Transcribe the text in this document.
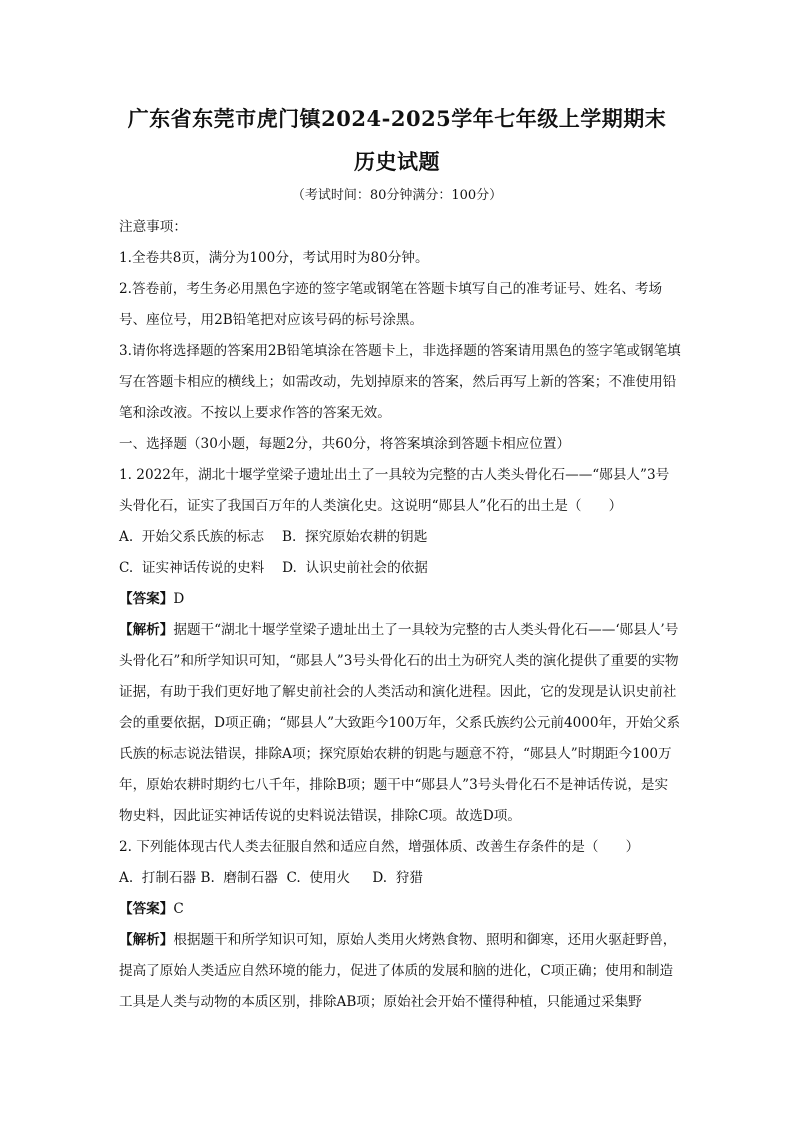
广东省东莞市虎门镇2024-2025学年七年级上学期期末
历史试题
（考试时间：80分钟满分：100分）

注意事项：

1.全卷共8页，满分为100分，考试用时为80分钟。

2.答卷前，考生务必用黑色字迹的签字笔或钢笔在答题卡填写自己的准考证号、姓名、考场号、座位号，用2B铅笔把对应该号码的标号涂黑。

3.请你将选择题的答案用2B铅笔填涂在答题卡上，非选择题的答案请用黑色的签字笔或钢笔填写在答题卡相应的横线上；如需改动，先划掉原来的答案，然后再写上新的答案；不准使用铅笔和涂改液。不按以上要求作答的答案无效。

一、选择题（30小题，每题2分，共60分，将答案填涂到答题卡相应位置）

1. 2022年，湖北十堰学堂梁子遗址出土了一具较为完整的古人类头骨化石——“郧县人”3号头骨化石，证实了我国百万年的人类演化史。这说明“郧县人”化石的出土是（　　）

A.  开始父系氏族的标志　 B.  探究原始农耕的钥匙

C.  证实神话传说的史料　 D.  认识史前社会的依据

【答案】D

【解析】据题干“湖北十堰学堂梁子遗址出土了一具较为完整的古人类头骨化石——‘郧县人’号头骨化石”和所学知识可知，“郧县人”3号头骨化石的出土为研究人类的演化提供了重要的实物证据，有助于我们更好地了解史前社会的人类活动和演化进程。因此，它的发现是认识史前社会的重要依据，D项正确；“郧县人”大致距今100万年，父系氏族约公元前4000年，开始父系氏族的标志说法错误，排除A项；探究原始农耕的钥匙与题意不符，“郧县人”时期距今100万年，原始农耕时期约七八千年，排除B项；题干中“郧县人”3号头骨化石不是神话传说，是实物史料，因此证实神话传说的史料说法错误，排除C项。故选D项。

2. 下列能体现古代人类去征服自然和适应自然，增强体质、改善生存条件的是（　　）

A.  打制石器 B.  磨制石器  C.  使用火　  D.  狩猎

【答案】C

【解析】根据题干和所学知识可知，原始人类用火烤熟食物、照明和御寒，还用火驱赶野兽，提高了原始人类适应自然环境的能力，促进了体质的发展和脑的进化，C项正确；使用和制造工具是人类与动物的本质区别，排除AB项；原始社会开始不懂得种植，只能通过采集野
